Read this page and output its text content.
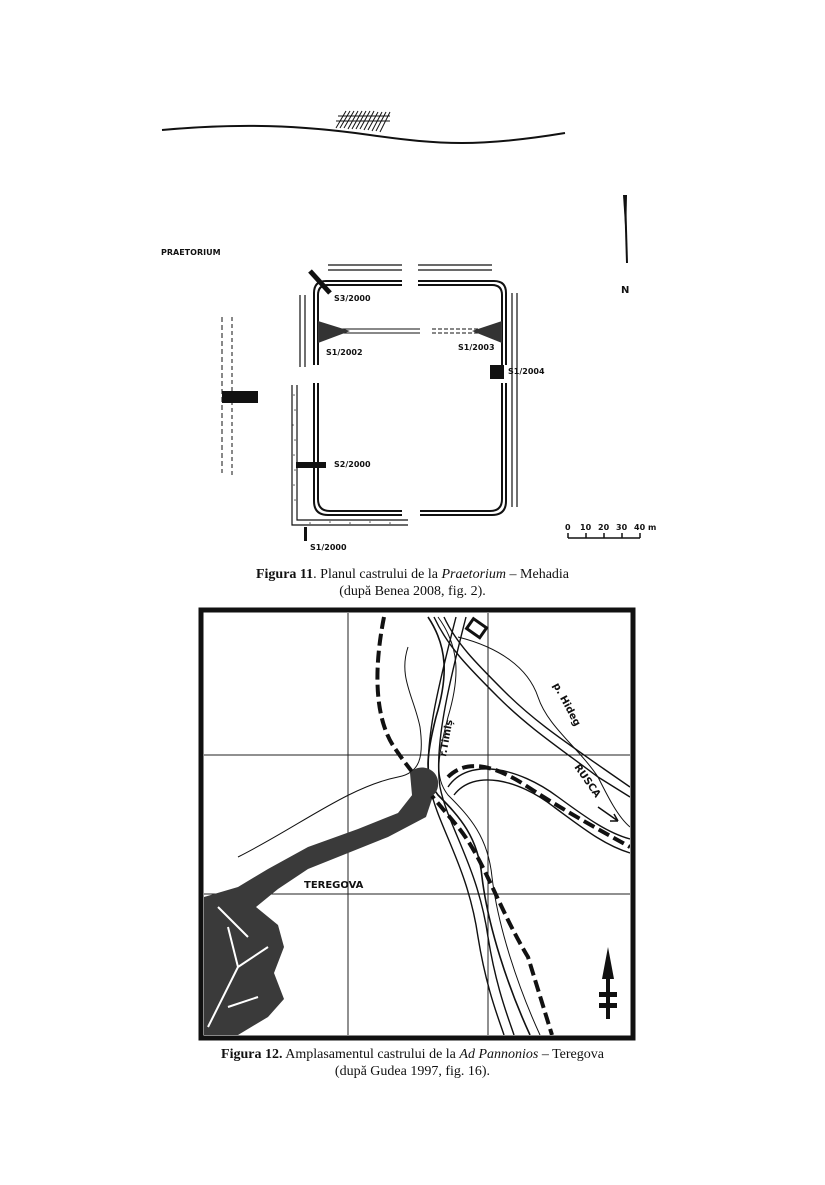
N
PRAETORIUM
S3/2000
S1/2002
S1/2003
S1/2004
S2/2000
S1/2000
0 10 20 30 40 m
Figura 11. Planul castrului de la Praetorium – Mehadia
(după Benea 2008, fig. 2).
TEREGOVA
r.Timiș
p. Hideg
RUSCA
Figura 12. Amplasamentul castrului de la Ad Pannonios – Teregova
(după Gudea 1997, fig. 16).
